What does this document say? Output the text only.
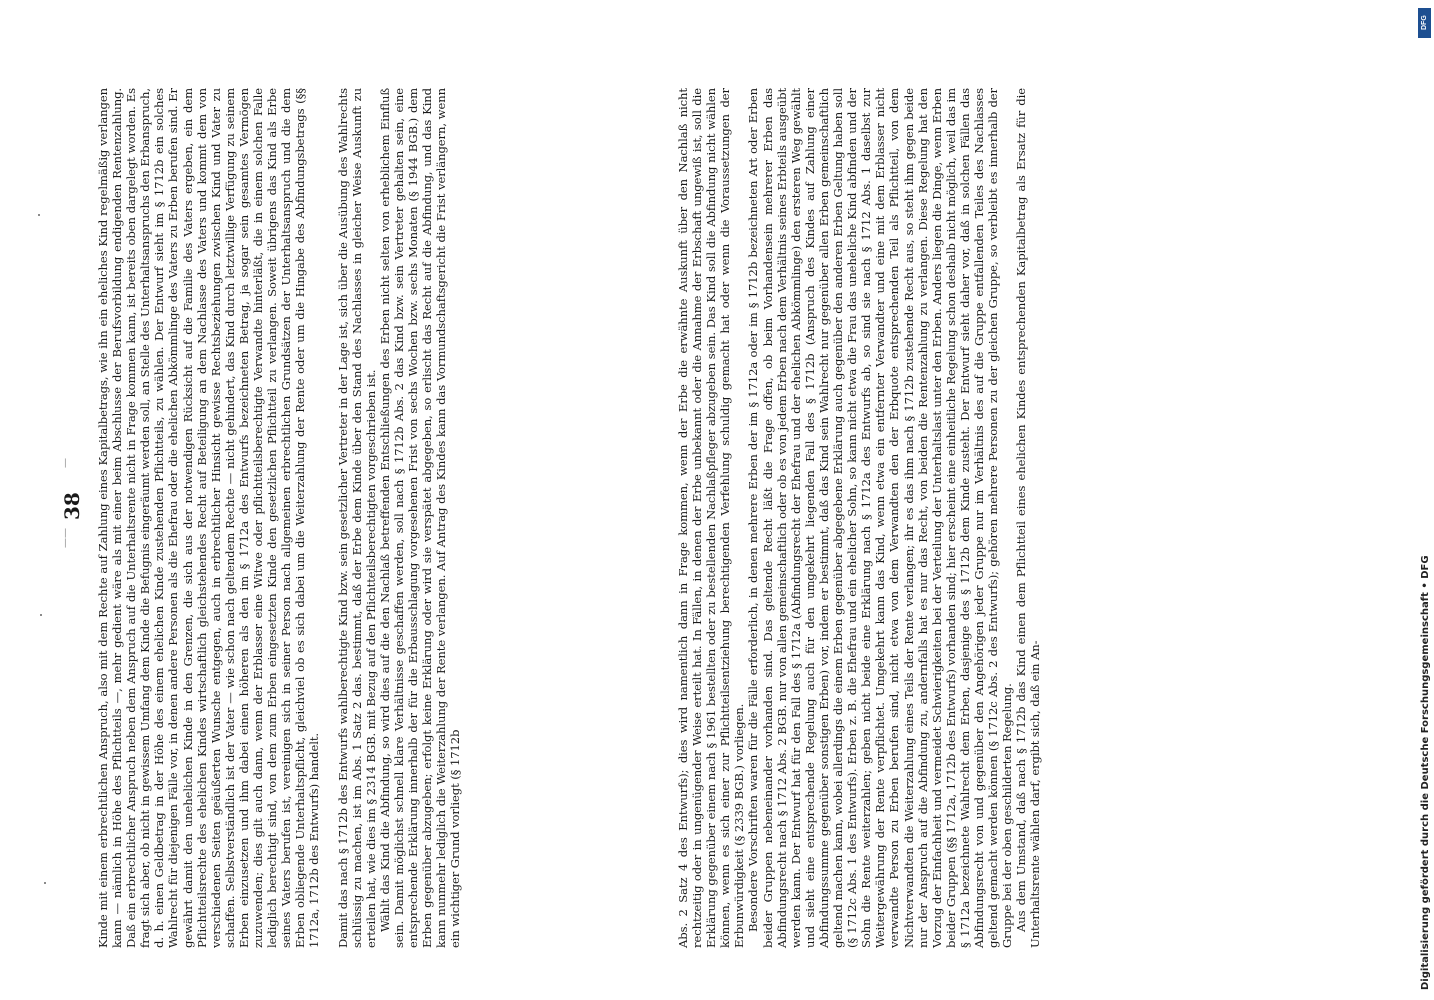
38
——
— Kinde mit einem erbrechtlichen Anspruch, also mit dem Rechte auf Zahlung eines Kapitalbetrags, wie ihn ein eheliches Kind regelmäßig verlangen kann — nämlich in Höhe des Pflichtteils —, mehr gedient wäre als mit einer beim Abschlusse der Berufsvorbildung endigenden Rentenzahlung. Daß ein erbrechtlicher Anspruch neben dem Anspruch auf die Unterhaltsrente nicht in Frage kommen kann, ist bereits oben dargelegt worden. Es fragt sich aber, ob nicht in gewissem Umfang dem Kinde die Befugnis eingeräumt werden soll, an Stelle des Unterhaltsanspruchs den Erbanspruch, d. h. einen Geldbetrag in der Höhe des einem ehelichen Kinde zustehenden Pflichtteils, zu wählen. Der Entwurf sieht im § 1712b ein solches Wahlrecht für diejenigen Fälle vor, in denen andere Personen als die Ehefrau oder die ehelichen Abkömmlinge des Vaters zu Erben berufen sind. Er gewährt damit den unehelichen Kinde in den Grenzen, die sich aus der notwendigen Rücksicht auf die Familie des Vaters ergeben, ein dem Pflichtteilsrechte des ehelichen Kindes wirtschaftlich gleichstehendes Recht auf Beteiligung an dem Nachlasse des Vaters und kommt dem von verschiedenen Seiten geäußerten Wunsche entgegen, auch in erbrechtlicher Hinsicht gewisse Rechtsbeziehungen zwischen Kind und Vater zu schaffen. Selbstverständlich ist der Vater — wie schon nach geltendem Rechte — nicht gehindert, das Kind durch letztwillige Verfügung zu seinem Erben einzusetzen und ihm dabei einen höheren als den im § 1712a des Entwurfs bezeichneten Betrag, ja sogar sein gesamtes Vermögen zuzuwenden; dies gilt auch dann, wenn der Erblasser eine Witwe oder pflichtteilsberechtigte Verwandte hinterläßt, die in einem solchen Falle lediglich berechtigt sind, von dem zum Erben eingesetzten Kinde den gesetzlichen Pflichtteil zu verlangen. Soweit übrigens das Kind als Erbe seines Vaters berufen ist, vereinigen sich in seiner Person nach allgemeinen erbrechtlichen Grundsätzen der Unterhaltsanspruch und die dem Erben obliegende Unterhaltspflicht, gleichviel ob es sich dabei um die Weiterzahlung der Rente oder um die Hingabe des Abfindungsbetrags (§§ 1712a, 1712b des Entwurfs) handelt. Damit das nach § 1712b des Entwurfs wahlberechtigte Kind bzw. sein gesetzlicher Vertreter in der Lage ist, sich über die Ausübung des Wahlrechts schlüssig zu machen, ist im Abs. 1 Satz 2 das. bestimmt, daß der Erbe dem Kinde über den Stand des Nachlasses in gleicher Weise Auskunft zu erteilen hat, wie dies im § 2314 BGB. mit Bezug auf den Pflichtteilsberechtigten vorgeschrieben ist. Wählt das Kind die Abfindung, so wird dies auf die den Nachlaß betreffenden Entschließungen des Erben nicht selten von erheblichem Einfluß sein. Damit möglichst schnell klare Verhältnisse geschaffen werden, soll nach § 1712b Abs. 2 das Kind bzw. sein Vertreter gehalten sein, eine entsprechende Erklärung innerhalb der für die Erbausschlagung vorgesehenen Frist von sechs Wochen bzw. sechs Monaten (§ 1944 BGB.) dem Erben gegenüber abzugeben; erfolgt keine Erklärung oder wird sie verspätet abgegeben, so erlischt das Recht auf die Abfindung, und das Kind kann nunmehr lediglich die Weiterzahlung der Rente verlangen. Auf Antrag des Kindes kann das Vormundschaftsgericht die Frist verlängern, wenn ein wichtiger Grund vorliegt (§ 1712b	Abs. 2 Satz 4 des Entwurfs); dies wird namentlich dann in Frage kommen, wenn der Erbe die erwähnte Auskunft über den Nachlaß nicht rechtzeitig oder in ungenügender Weise erteilt hat. In Fällen, in denen der Erbe unbekannt oder die Annahme der Erbschaft ungewiß ist, soll die Erklärung gegenüber einem nach § 1961 bestellten oder zu bestellenden Nachlaßpfleger abzugeben sein. Das Kind soll die Abfindung nicht wählen können, wenn es sich einer zur Pflichtteilsentziehung berechtigenden Verfehlung schuldig gemacht hat oder wenn die Voraussetzungen der Erbunwürdigkeit (§ 2339 BGB.) vorliegen. Besondere Vorschriften waren für die Fälle erforderlich, in denen mehrere Erben der im § 1712a oder im § 1712b bezeichneten Art oder Erben beider Gruppen nebeneinander vorhanden sind. Das geltende Recht läßt die Frage offen, ob beim Vorhandensein mehrerer Erben das Abfindungsrecht nach § 1712 Abs. 2 BGB. nur von allen gemeinschaftlich oder ob es von jedem Erben nach dem Verhältnis seines Erbteils ausgeübt werden kann. Der Entwurf hat für den Fall des § 1712a (Abfindungsrecht der Ehefrau und der ehelichen Abkömmlinge) den ersteren Weg gewählt und sieht eine entsprechende Regelung auch für den umgekehrt liegenden Fall des § 1712b (Anspruch des Kindes auf Zahlung einer Abfindungssumme gegenüber sonstigen Erben) vor, indem er bestimmt, daß das Kind sein Wahlrecht nur gegenüber allen Erben gemeinschaftlich geltend machen kann, wobei allerdings die einem Erben gegenüber abgegebene Erklärung auch gegenüber den anderen Erben Geltung haben soll (§ 1712c Abs. 1 des Entwurfs). Erben z. B. die Ehefrau und ein ehelicher Sohn, so kann nicht etwa die Frau das uneheliche Kind abfinden und der Sohn die Rente weiterzahlen; geben nicht beide eine Erklärung nach § 1712a des Entwurfs ab, so sind sie nach § 1712 Abs. 1 daselbst zur Weitergewährung der Rente verpflichtet. Umgekehrt kann das Kind, wenn etwa ein entfernter Verwandter und eine mit dem Erblasser nicht verwandte Person zu Erben berufen sind, nicht etwa von dem Verwandten den der Erbquote entsprechenden Teil als Pflichtteil, von dem Nichtverwandten die Weiterzahlung eines Teils der Rente verlangen; ihr es das ihm nach § 1712b zustehende Recht aus, so steht ihm gegen beide nur der Anspruch auf die Abfindung zu, andernfalls hat es nur das Recht, von beiden die Rentenzahlung zu verlangen. Diese Regelung hat den Vorzug der Einfachheit und vermeidet Schwierigkeiten bei der Verteilung der Unterhaltslast unter den Erben. Anders liegen die Dinge, wenn Erben beider Gruppen (§§ 1712a, 1712b des Entwurfs) vorhanden sind; hier erscheint eine einheitliche Regelung schon deshalb nicht möglich, weil das im § 1712a bezeichnete Wahlrecht dem Erben, dasjenige des § 1712b dem Kinde zusteht. Der Entwurf sieht daher vor, daß in solchen Fällen das Abfindungsrecht von und gegenüber den Angehörigen jeder Gruppe nur im Verhältnis des auf die Gruppe entfallenden Teiles des Nachlasses geltend gemacht werden können (§ 1712c Abs. 2 des Entwurfs); gehören mehrere Personen zu der gleichen Gruppe, so verbleibt es innerhalb der Gruppe bei der oben geschilderten Regelung. Aus dem Umstand, daß nach § 1712b das Kind einen dem Pflichtteil eines ehelichen Kindes entsprechenden Kapitalbetrag als Ersatz für die Unterhaltsrente wählen darf, ergibt sich, daß ein An-	Digitalisierung gefördert durch die Deutsche Forschungsgemeinschaft • DFG
DFG
